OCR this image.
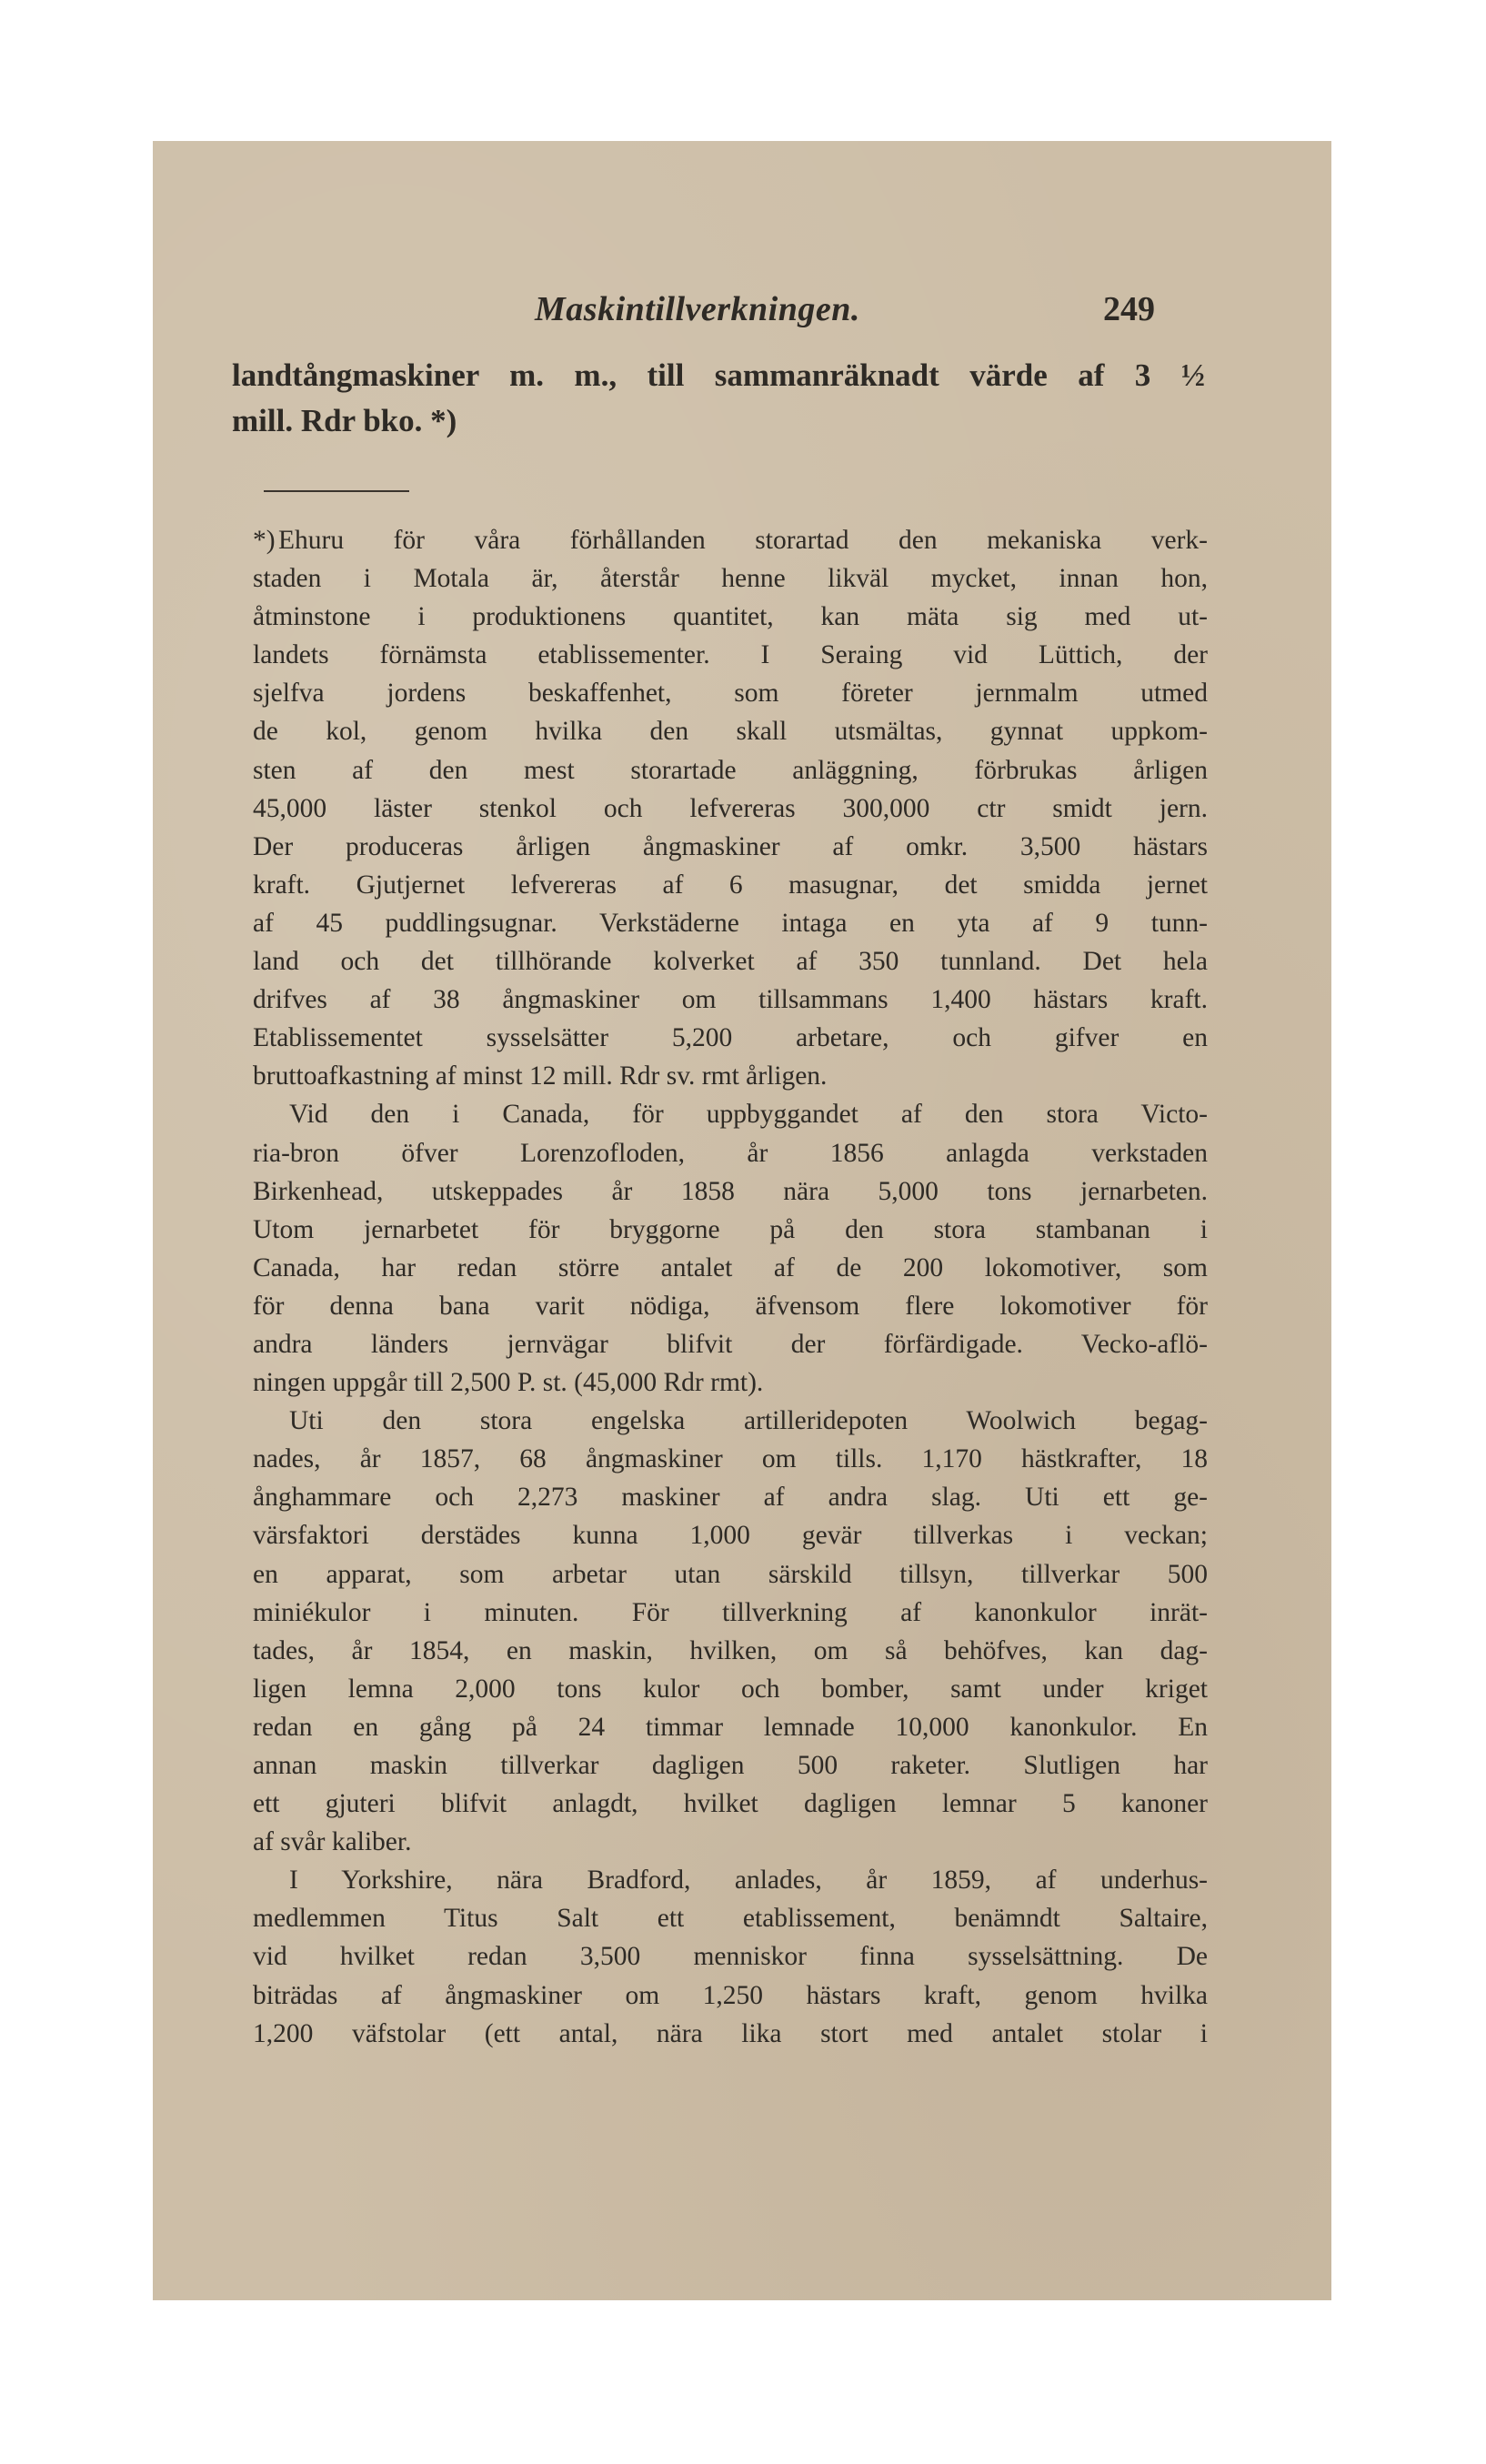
Maskintillverkningen.	249
landtångmaskiner m. m., till sammanräknadt värde af 3 ½
mill. Rdr bko. *)
*) Ehuru för våra förhållanden storartad den mekaniska verk-
staden i Motala är, återstår henne likväl mycket, innan hon,
åtminstone i produktionens quantitet, kan mäta sig med ut-
landets förnämsta etablissementer. I Seraing vid Lüttich, der
sjelfva jordens beskaffenhet, som företer jernmalm utmed
de kol, genom hvilka den skall utsmältas, gynnat uppkom-
sten af den mest storartade anläggning, förbrukas årligen
45,000 läster stenkol och lefvereras 300,000 ctr smidt jern.
Der produceras årligen ångmaskiner af omkr. 3,500 hästars
kraft. Gjutjernet lefvereras af 6 masugnar, det smidda jernet
af 45 puddlingsugnar. Verkstäderne intaga en yta af 9 tunn-
land och det tillhörande kolverket af 350 tunnland. Det hela
drifves af 38 ångmaskiner om tillsammans 1,400 hästars kraft.
Etablissementet sysselsätter 5,200 arbetare, och gifver en
bruttoafkastning af minst 12 mill. Rdr sv. rmt årligen.
Vid den i Canada, för uppbyggandet af den stora Victo-
ria-bron öfver Lorenzofloden, år 1856 anlagda verkstaden
Birkenhead, utskeppades år 1858 nära 5,000 tons jernarbeten.
Utom jernarbetet för bryggorne på den stora stambanan i
Canada, har redan större antalet af de 200 lokomotiver, som
för denna bana varit nödiga, äfvensom flere lokomotiver för
andra länders jernvägar blifvit der förfärdigade. Vecko-aflö-
ningen uppgår till 2,500 P. st. (45,000 Rdr rmt).
Uti den stora engelska artilleridepoten Woolwich begag-
nades, år 1857, 68 ångmaskiner om tills. 1,170 hästkrafter, 18
ånghammare och 2,273 maskiner af andra slag. Uti ett ge-
värsfaktori derstädes kunna 1,000 gevär tillverkas i veckan;
en apparat, som arbetar utan särskild tillsyn, tillverkar 500
miniékulor i minuten. För tillverkning af kanonkulor inrät-
tades, år 1854, en maskin, hvilken, om så behöfves, kan dag-
ligen lemna 2,000 tons kulor och bomber, samt under kriget
redan en gång på 24 timmar lemnade 10,000 kanonkulor. En
annan maskin tillverkar dagligen 500 raketer. Slutligen har
ett gjuteri blifvit anlagdt, hvilket dagligen lemnar 5 kanoner
af svår kaliber.
I Yorkshire, nära Bradford, anlades, år 1859, af underhus-
medlemmen Titus Salt ett etablissement, benämndt Saltaire,
vid hvilket redan 3,500 menniskor finna sysselsättning. De
biträdas af ångmaskiner om 1,250 hästars kraft, genom hvilka
1,200 väfstolar (ett antal, nära lika stort med antalet stolar i
